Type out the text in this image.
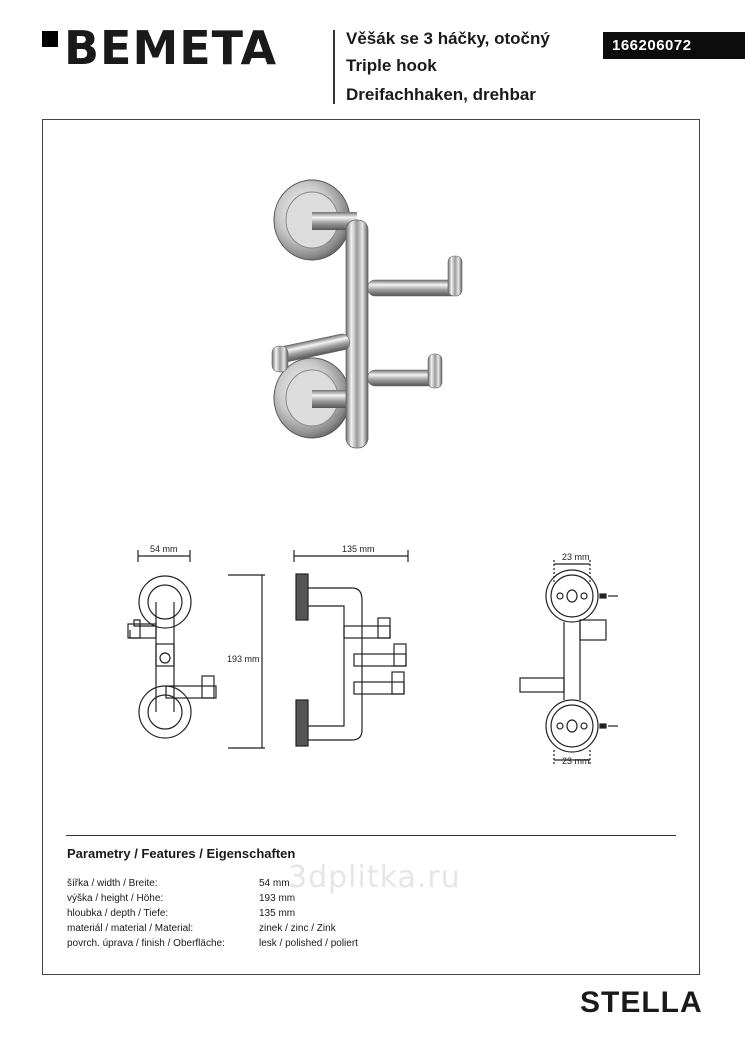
BEMETA	Věšák se 3 háčky, otočný
Triple hook
Dreifachhaken, drehbar
166206072
54 mm
193 mm
135 mm
23 mm
23 mm
Parametry / Features / Eigenschaften
3dplitka.ru
šířka / width / Breite:	54 mm
výška / height / Höhe:	193 mm
hloubka / depth / Tiefe:	135 mm
materiál / material / Material:	zinek / zinc / Zink
povrch. úprava / finish / Oberfläche:	lesk / polished / poliert
STELLA
